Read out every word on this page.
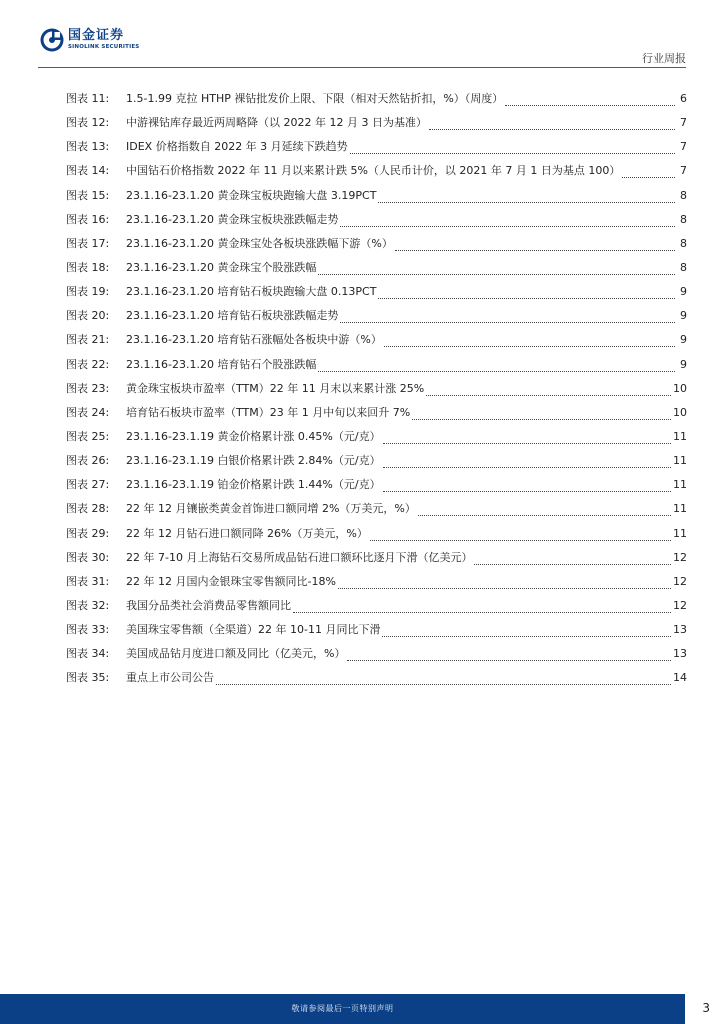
国金证券
SINOLINK SECURITIES
行业周报
图表 11:	1.5-1.99 克拉 HTHP 裸钻批发价上限、下限（相对天然钻折扣，%）（周度）	6
图表 12:	中游裸钻库存最近两周略降（以 2022 年 12 月 3 日为基准）	7
图表 13:	IDEX 价格指数自 2022 年 3 月延续下跌趋势	7
图表 14:	中国钻石价格指数 2022 年 11 月以来累计跌 5%（人民币计价，以 2021 年 7 月 1 日为基点 100）	7
图表 15:	23.1.16-23.1.20 黄金珠宝板块跑输大盘 3.19PCT	8
图表 16:	23.1.16-23.1.20 黄金珠宝板块涨跌幅走势	8
图表 17:	23.1.16-23.1.20 黄金珠宝处各板块涨跌幅下游（%）	8
图表 18:	23.1.16-23.1.20 黄金珠宝个股涨跌幅	8
图表 19:	23.1.16-23.1.20 培育钻石板块跑输大盘 0.13PCT	9
图表 20:	23.1.16-23.1.20 培育钻石板块涨跌幅走势	9
图表 21:	23.1.16-23.1.20 培育钻石涨幅处各板块中游（%）	9
图表 22:	23.1.16-23.1.20 培育钻石个股涨跌幅	9
图表 23:	黄金珠宝板块市盈率（TTM）22 年 11 月末以来累计涨 25%	10
图表 24:	培育钻石板块市盈率（TTM）23 年 1 月中旬以来回升 7%	10
图表 25:	23.1.16-23.1.19 黄金价格累计涨 0.45%（元/克）	11
图表 26:	23.1.16-23.1.19 白银价格累计跌 2.84%（元/克）	11
图表 27:	23.1.16-23.1.19 铂金价格累计跌 1.44%（元/克）	11
图表 28:	22 年 12 月镶嵌类黄金首饰进口额同增 2%（万美元，%）	11
图表 29:	22 年 12 月钻石进口额同降 26%（万美元，%）	11
图表 30:	22 年 7-10 月上海钻石交易所成品钻石进口额环比逐月下滑（亿美元）	12
图表 31:	22 年 12 月国内金银珠宝零售额同比-18%	12
图表 32:	我国分品类社会消费品零售额同比	12
图表 33:	美国珠宝零售额（全渠道）22 年 10-11 月同比下滑	13
图表 34:	美国成品钻月度进口额及同比（亿美元，%）	13
图表 35:	重点上市公司公告	14
敬请参阅最后一页特别声明	3
